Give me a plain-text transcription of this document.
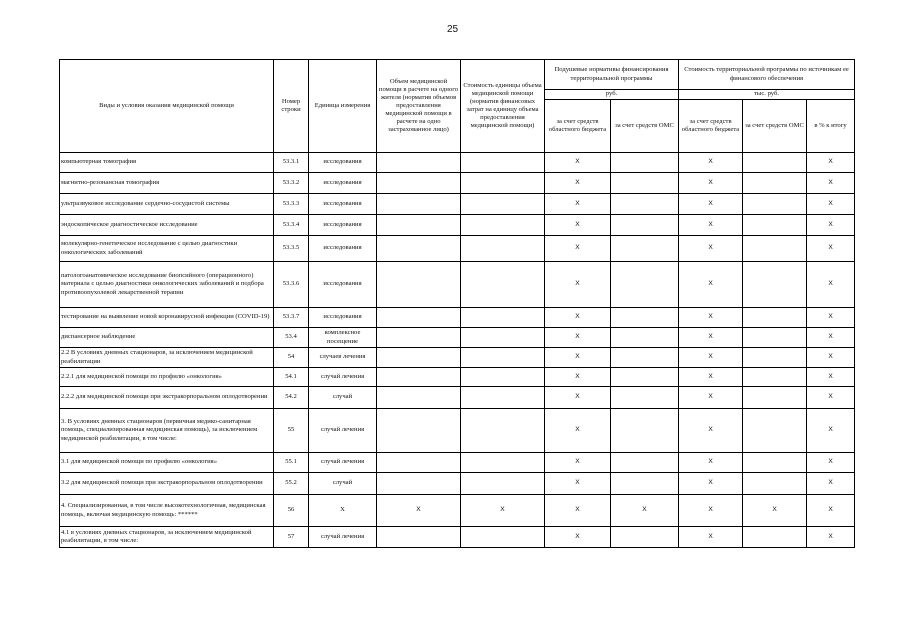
25
Виды и условия оказания медицинской помощи	Номер строки	Единица измерения	Объем медицинской помощи в расчете на одного жителя (норматив объемов предоставления медицинской помощи в расчете на одно застрахованное лицо)	Стоимость единицы объема медицинской помощи (норматив финансовых затрат на единицу объема предоставления медицинской помощи)	Подушевые нормативы финансирования территориальной программы		Стоимость территориальной программы по источникам ее финансового обеспечения		
					руб.		тыс. руб.		
					за счет средств областного бюджета	за счет средств ОМС	за счет средств областного бюджета	за счет средств ОМС	в % к итогу
компьютерная томография	53.3.1	исследования			X		X		X
магнитно-резонансная томография	53.3.2	исследования			X		X		X
ультразвуковое исследование сердечно-сосудистой системы	53.3.3	исследования			X		X		X
эндоскопическое диагностическое исследование	53.3.4	исследования			X		X		X
молекулярно-генетическое исследование с целью диагностики онкологических заболеваний	53.3.5	исследования			X		X		X
патологоанатомическое исследование биопсийного (операционного) материала с целью диагностики онкологических заболеваний и подбора противоопухолевой лекарственной терапии	53.3.6	исследования			X		X		X
тестирование на выявление новой коронавирусной инфекции (COVID-19)	53.3.7	исследования			X		X		X
диспансерное наблюдение	53.4	комплексное посещение			X		X		X
2.2 В условиях дневных стационаров, за исключением медицинской реабилитации	54	случаев лечения			X		X		X
2.2.1 для медицинской помощи по профилю «онкология»	54.1	случай лечения			X		X		X
2.2.2 для медицинской помощи при экстракорпоральном оплодотворении	54.2	случай			X		X		X
3. В условиях дневных стационаров (первичная медико-санитарная помощь, специализированная медицинская помощь), за исключением медицинской реабилитации, в том числе:	55	случай лечения			X		X		X
3.1 для медицинской помощи по профилю «онкология»	55.1	случай лечения			X		X		X
3.2 для медицинской помощи при экстракорпоральном оплодотворении	55.2	случай			X		X		X
4. Специализированная, в том числе высокотехнологичная, медицинская помощь, включая медицинскую помощь: ******	56	X	X	X	X	X	X	X	X
4.1 в условиях дневных стационаров, за исключением медицинской реабилитации, в том числе:	57	случай лечения			X		X		X
